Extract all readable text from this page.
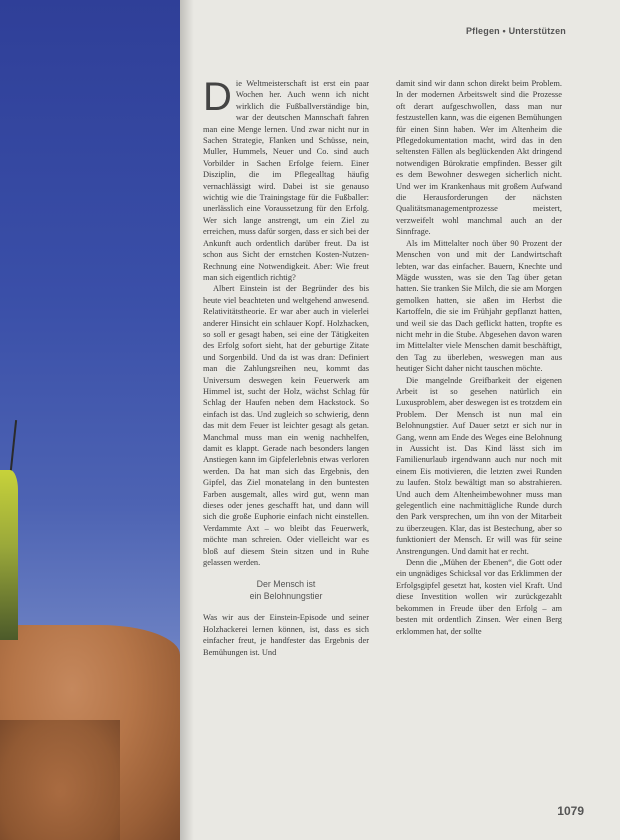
Pflegen • Unterstützen

Die Weltmeisterschaft ist erst ein paar Wochen her. Auch wenn ich nicht wirklich die Fußballverständige bin, war der deutschen Mannschaft fahren man eine Menge lernen. Und zwar nicht nur in Sachen Strategie, Flanken und Schüsse, nein, Muller, Hummels, Neuer und Co. sind auch Vorbilder in Sachen Erfolge feiern. Einer Disziplin, die im Pflegealltag häufig vernachlässigt wird. Dabei ist sie genauso wichtig wie die Trainingstage für die Fußballer: unerlässlich eine Voraussetzung für den Erfolg. Wer sich lange anstrengt, um ein Ziel zu erreichen, muss dafür sorgen, dass er sich bei der Ankunft auch ordentlich darüber freut. Da ist schon aus Sicht der ernstchen Kosten-Nutzen-Rechnung eine Notwendigkeit. Aber: Wie freut man sich eigentlich richtig?

Albert Einstein ist der Begründer des bis heute viel beachteten und weltgehend anwesend. Relativitätstheorie. Er war aber auch in vielerlei anderer Hinsicht ein schlauer Kopf. Holzhacken, so soll er gesagt haben, sei eine der Tätigkeiten des Erfolg sofort sieht, hat der geburtige Zitate und Sorgenbild. Und da ist was dran: Definiert man die Zahlungsreihen neu, kommt das Universum deswegen kein Feuerwerk am Himmel ist, sucht der Holz, wächst Schlag für Schlag der Haufen neben dem Hackstock. So einfach ist das. Und zugleich so schwierig, denn das mit dem Feuer ist leichter gesagt als getan. Manchmal muss man ein wenig nachhelfen, damit es klappt. Gerade nach besonders langen Anstiegen kann im Gipfelerlebnis etwas verloren werden. Da hat man sich das Ergebnis, den Gipfel, das Ziel monatelang in den buntesten Farben ausgemalt, alles wird gut, wenn man dieses oder jenes geschafft hat, und dann will sich die große Euphorie einfach nicht einstellen. Verdammte Axt – wo bleibt das Feuerwerk, möchte man schreien. Oder vielleicht war es bloß auf diesem Stein sitzen und in Ruhe gelassen werden.

Der Mensch ist
ein Belohnungstier

Was wir aus der Einstein-Episode und seiner Holzhackerei lernen können, ist, dass es sich einfacher freut, je handfester das Ergebnis der Bemühungen ist. Und

damit sind wir dann schon direkt beim Problem. In der modernen Arbeitswelt sind die Prozesse oft derart aufgeschwollen, dass man nur festzustellen kann, was die eigenen Bemühungen für einen Sinn haben. Wer im Altenheim die Pflegedokumentation macht, wird das in den seltensten Fällen als beglückenden Akt dringend notwendigen Bürokratie empfinden. Besser gilt es dem Bewohner deswegen sicherlich nicht. Und wer im Krankenhaus mit großem Aufwand die Herausforderungen der nächsten Qualitätsmanagementprozesse meistert, verzweifelt wohl manchmal auch an der Sinnfrage.

Als im Mittelalter noch über 90 Prozent der Menschen von und mit der Landwirtschaft lebten, war das einfacher. Bauern, Knechte und Mägde wussten, was sie den Tag über getan hatten. Sie tranken Sie Milch, die sie am Morgen gemolken hatten, sie aßen im Herbst die Kartoffeln, die sie im Frühjahr gepflanzt hatten, und weil sie das Dach geflickt hatten, tropfte es nicht mehr in die Stube. Abgesehen davon waren im Mittelalter viele Menschen damit beschäftigt, den Tag zu überleben, weswegen man aus heutiger Sicht daher nicht tauschen möchte.

Die mangelnde Greifbarkeit der eigenen Arbeit ist so gesehen natürlich ein Luxusproblem, aber deswegen ist es trotzdem ein Problem. Der Mensch ist nun mal ein Belohnungstier. Auf Dauer setzt er sich nur in Gang, wenn am Ende des Weges eine Belohnung in Aussicht ist. Das Kind lässt sich im Familienurlaub irgendwann auch nur noch mit einem Eis motivieren, die letzten zwei Runden zu laufen. Stolz bewältigt man so abstrahieren. Und auch dem Altenheimbewohner muss man gelegentlich eine nachmittägliche Runde durch den Park versprechen, um ihn von der Mitarbeit zu überzeugen. Klar, das ist Bestechung, aber so funktioniert der Mensch. Er will was für seine Anstrengungen. Und damit hat er recht.

Denn die „Mühen der Ebenen“, die Gott oder ein ungnädiges Schicksal vor das Erklimmen der Erfolgsgipfel gesetzt hat, kosten viel Kraft. Und diese Investition wollen wir zurückgezahlt bekommen in Freude über den Erfolg – am besten mit ordentlich Zinsen. Wer einen Berg erklommen hat, der sollte

1079
